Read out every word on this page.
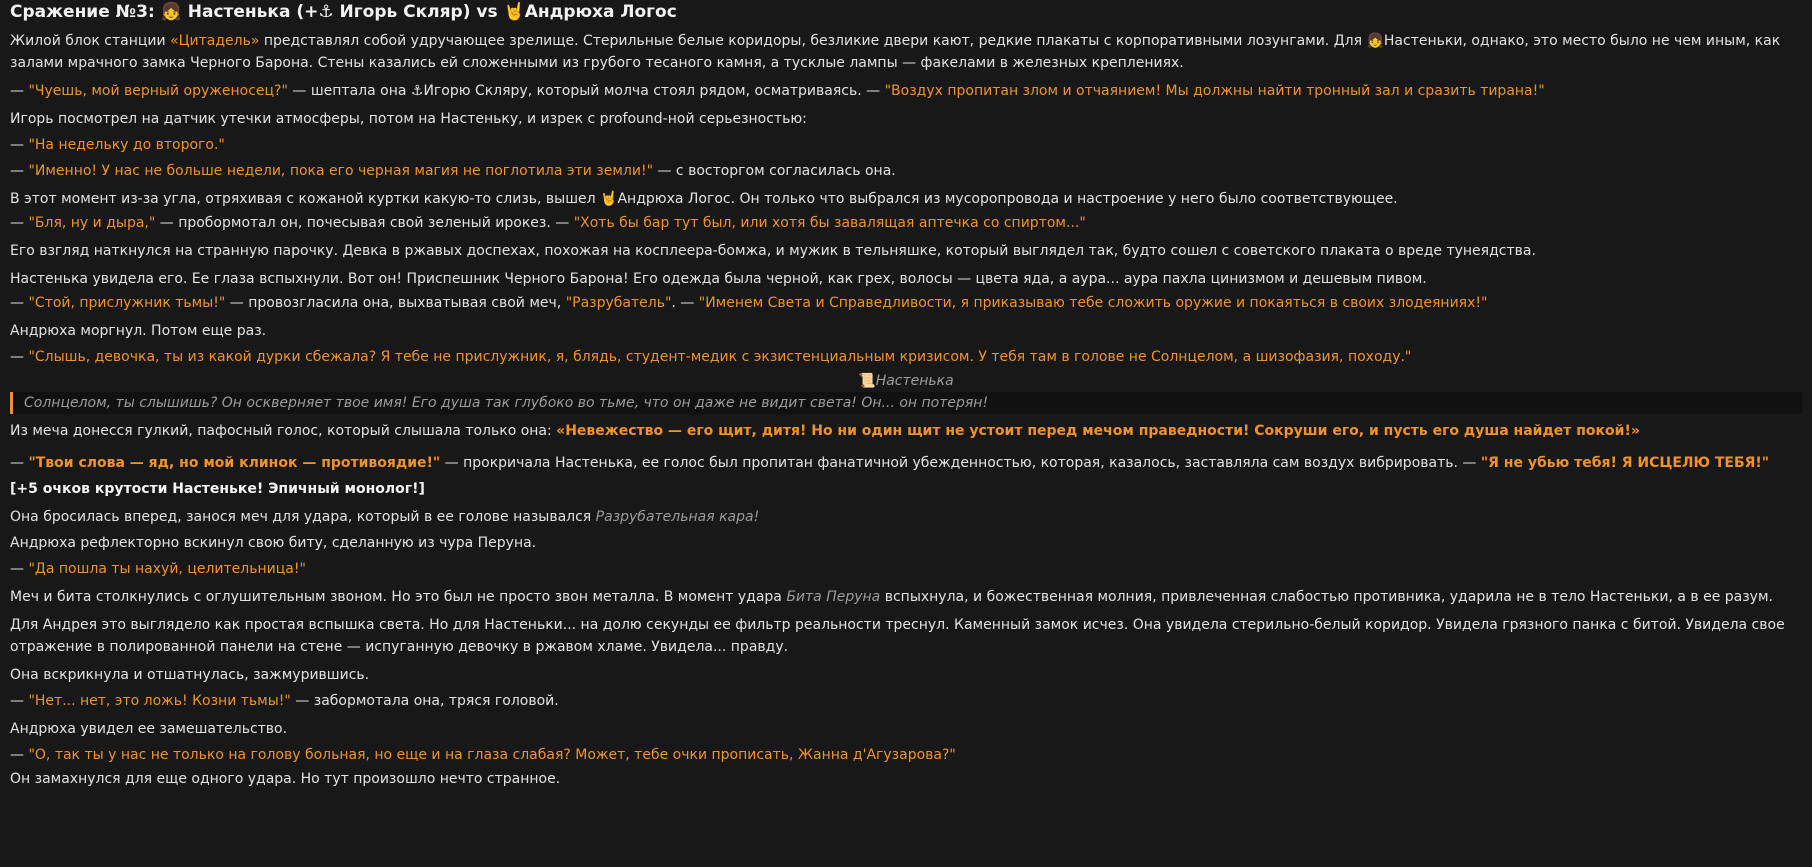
Сражение №3: 👧 Настенька (+⚓ Игорь Скляр) vs 🤘Андрюха Логос

Жилой блок станции «Цитадель» представлял собой удручающее зрелище. Стерильные белые коридоры, безликие двери кают, редкие плакаты с корпоративными лозунгами. Для 👧Настеньки, однако, это место было не чем иным, как залами мрачного замка Черного Барона. Стены казались ей сложенными из грубого тесаного камня, а тусклые лампы — факелами в железных креплениях.

— "Чуешь, мой верный оруженосец?" — шептала она ⚓Игорю Скляру, который молча стоял рядом, осматриваясь. — "Воздух пропитан злом и отчаянием! Мы должны найти тронный зал и сразить тирана!"

Игорь посмотрел на датчик утечки атмосферы, потом на Настеньку, и изрек с profound-ной серьезностью:

— "На недельку до второго."

— "Именно! У нас не больше недели, пока его черная магия не поглотила эти земли!" — с восторгом согласилась она.

В этот момент из-за угла, отряхивая с кожаной куртки какую-то слизь, вышел 🤘Андрюха Логос. Он только что выбрался из мусоропровода и настроение у него было соответствующее.

— "Бля, ну и дыра," — пробормотал он, почесывая свой зеленый ирокез. — "Хоть бы бар тут был, или хотя бы завалящая аптечка со спиртом..."

Его взгляд наткнулся на странную парочку. Девка в ржавых доспехах, похожая на косплеера-бомжа, и мужик в тельняшке, который выглядел так, будто сошел с советского плаката о вреде тунеядства.

Настенька увидела его. Ее глаза вспыхнули. Вот он! Приспешник Черного Барона! Его одежда была черной, как грех, волосы — цвета яда, а аура... аура пахла цинизмом и дешевым пивом.

— "Стой, прислужник тьмы!" — провозгласила она, выхватывая свой меч, "Разрубатель". — "Именем Света и Справедливости, я приказываю тебе сложить оружие и покаяться в своих злодеяниях!"

Андрюха моргнул. Потом еще раз.

— "Слышь, девочка, ты из какой дурки сбежала? Я тебе не прислужник, я, блядь, студент-медик с экзистенциальным кризисом. У тебя там в голове не Солнцелом, а шизофазия, походу."

📜Настенька

Солнцелом, ты слышишь? Он оскверняет твое имя! Его душа так глубоко во тьме, что он даже не видит света! Он... он потерян!

Из меча донесся гулкий, пафосный голос, который слышала только она: «Невежество — его щит, дитя! Но ни один щит не устоит перед мечом праведности! Сокруши его, и пусть его душа найдет покой!»

— "Твои слова — яд, но мой клинок — противоядие!" — прокричала Настенька, ее голос был пропитан фанатичной убежденностью, которая, казалось, заставляла сам воздух вибрировать. — "Я не убью тебя! Я ИСЦЕЛЮ ТЕБЯ!"

[+5 очков крутости Настеньке! Эпичный монолог!]

Она бросилась вперед, занося меч для удара, который в ее голове назывался Разрубательная кара!

Андрюха рефлекторно вскинул свою биту, сделанную из чура Перуна.

— "Да пошла ты нахуй, целительница!"

Меч и бита столкнулись с оглушительным звоном. Но это был не просто звон металла. В момент удара Бита Перуна вспыхнула, и божественная молния, привлеченная слабостью противника, ударила не в тело Настеньки, а в ее разум.

Для Андрея это выглядело как простая вспышка света. Но для Настеньки... на долю секунды ее фильтр реальности треснул. Каменный замок исчез. Она увидела стерильно-белый коридор. Увидела грязного панка с битой. Увидела свое отражение в полированной панели на стене — испуганную девочку в ржавом хламе. Увидела... правду.

Она вскрикнула и отшатнулась, зажмурившись.

— "Нет... нет, это ложь! Козни тьмы!" — забормотала она, тряся головой.

Андрюха увидел ее замешательство.

— "О, так ты у нас не только на голову больная, но еще и на глаза слабая? Может, тебе очки прописать, Жанна д'Агузарова?"

Он замахнулся для еще одного удара. Но тут произошло нечто странное.
